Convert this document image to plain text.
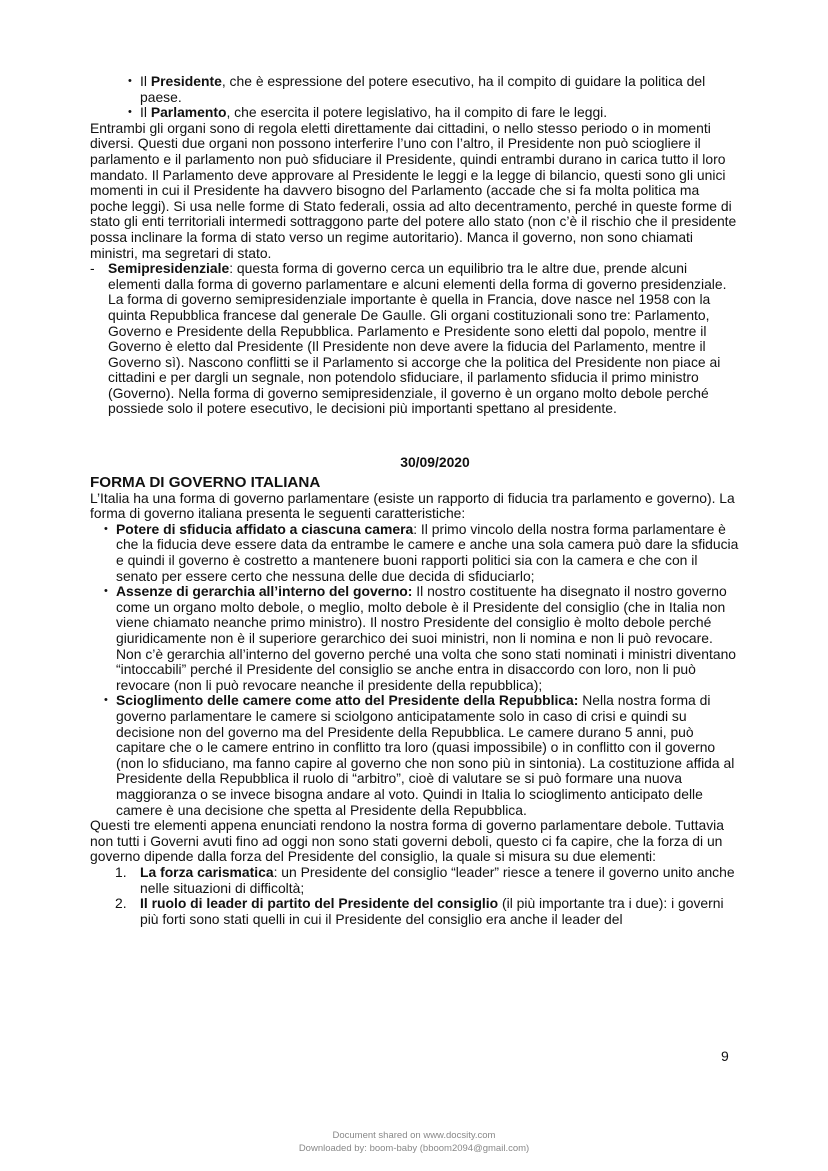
• Il Presidente, che è espressione del potere esecutivo, ha il compito di guidare la politica del paese.

• Il Parlamento, che esercita il potere legislativo, ha il compito di fare le leggi.

Entrambi gli organi sono di regola eletti direttamente dai cittadini, o nello stesso periodo o in momenti diversi. Questi due organi non possono interferire l’uno con l’altro, il Presidente non può sciogliere il parlamento e il parlamento non può sfiduciare il Presidente, quindi entrambi durano in carica tutto il loro mandato. Il Parlamento deve approvare al Presidente le leggi e la legge di bilancio, questi sono gli unici momenti in cui il Presidente ha davvero bisogno del Parlamento (accade che si fa molta politica ma poche leggi). Si usa nelle forme di Stato federali, ossia ad alto decentramento, perché in queste forme di stato gli enti territoriali intermedi sottraggono parte del potere allo stato (non c’è il rischio che il presidente possa inclinare la forma di stato verso un regime autoritario). Manca il governo, non sono chiamati ministri, ma segretari di stato.

- Semipresidenziale: questa forma di governo cerca un equilibrio tra le altre due, prende alcuni elementi dalla forma di governo parlamentare e alcuni elementi della forma di governo presidenziale. La forma di governo semipresidenziale importante è quella in Francia, dove nasce nel 1958 con la quinta Repubblica francese dal generale De Gaulle. Gli organi costituzionali sono tre: Parlamento, Governo e Presidente della Repubblica. Parlamento e Presidente sono eletti dal popolo, mentre il Governo è eletto dal Presidente (Il Presidente non deve avere la fiducia del Parlamento, mentre il Governo sì). Nascono conflitti se il Parlamento si accorge che la politica del Presidente non piace ai cittadini e per dargli un segnale, non potendolo sfiduciare, il parlamento sfiducia il primo ministro (Governo). Nella forma di governo semipresidenziale, il governo è un organo molto debole perché possiede solo il potere esecutivo, le decisioni più importanti spettano al presidente.

30/09/2020

FORMA DI GOVERNO ITALIANA

L’Italia ha una forma di governo parlamentare (esiste un rapporto di fiducia tra parlamento e governo). La forma di governo italiana presenta le seguenti caratteristiche:

• Potere di sfiducia affidato a ciascuna camera: Il primo vincolo della nostra forma parlamentare è che la fiducia deve essere data da entrambe le camere e anche una sola camera può dare la sfiducia e quindi il governo è costretto a mantenere buoni rapporti politici sia con la camera e che con il senato per essere certo che nessuna delle due decida di sfiduciarlo;

• Assenze di gerarchia all’interno del governo: Il nostro costituente ha disegnato il nostro governo come un organo molto debole, o meglio, molto debole è il Presidente del consiglio (che in Italia non viene chiamato neanche primo ministro). Il nostro Presidente del consiglio è molto debole perché giuridicamente non è il superiore gerarchico dei suoi ministri, non li nomina e non li può revocare. Non c’è gerarchia all’interno del governo perché una volta che sono stati nominati i ministri diventano “intoccabili” perché il Presidente del consiglio se anche entra in disaccordo con loro, non li può revocare (non li può revocare neanche il presidente della repubblica);

• Scioglimento delle camere come atto del Presidente della Repubblica: Nella nostra forma di governo parlamentare le camere si sciolgono anticipatamente solo in caso di crisi e quindi su decisione non del governo ma del Presidente della Repubblica. Le camere durano 5 anni, può capitare che o le camere entrino in conflitto tra loro (quasi impossibile) o in conflitto con il governo (non lo sfiduciano, ma fanno capire al governo che non sono più in sintonia). La costituzione affida al Presidente della Repubblica il ruolo di “arbitro”, cioè di valutare se si può formare una nuova maggioranza o se invece bisogna andare al voto. Quindi in Italia lo scioglimento anticipato delle camere è una decisione che spetta al Presidente della Repubblica.

Questi tre elementi appena enunciati rendono la nostra forma di governo parlamentare debole. Tuttavia non tutti i Governi avuti fino ad oggi non sono stati governi deboli, questo ci fa capire, che la forza di un governo dipende dalla forza del Presidente del consiglio, la quale si misura su due elementi:

1. La forza carismatica: un Presidente del consiglio “leader” riesce a tenere il governo unito anche nelle situazioni di difficoltà;

2. Il ruolo di leader di partito del Presidente del consiglio (il più importante tra i due): i governi più forti sono stati quelli in cui il Presidente del consiglio era anche il leader del

9
Document shared on www.docsity.com
Downloaded by: boom-baby (bboom2094@gmail.com)
